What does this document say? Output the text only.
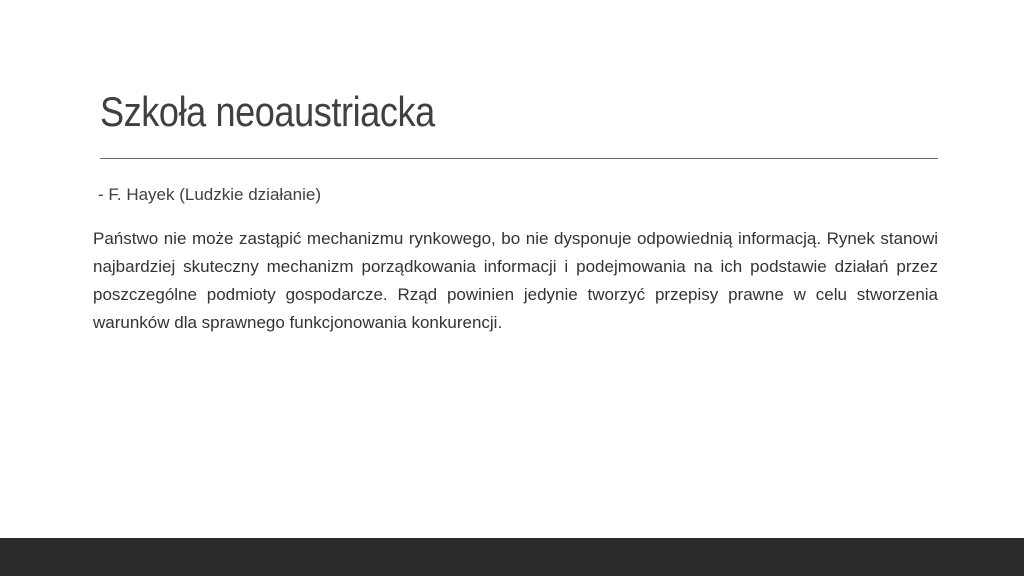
Szkoła neoaustriacka

- F. Hayek (Ludzkie działanie)

Państwo nie może zastąpić mechanizmu rynkowego, bo nie dysponuje odpowiednią informacją. Rynek stanowi najbardziej skuteczny mechanizm porządkowania informacji i podejmowania na ich podstawie działań przez poszczególne podmioty gospodarcze. Rząd powinien jedynie tworzyć przepisy prawne w celu stworzenia warunków dla sprawnego funkcjonowania konkurencji.
